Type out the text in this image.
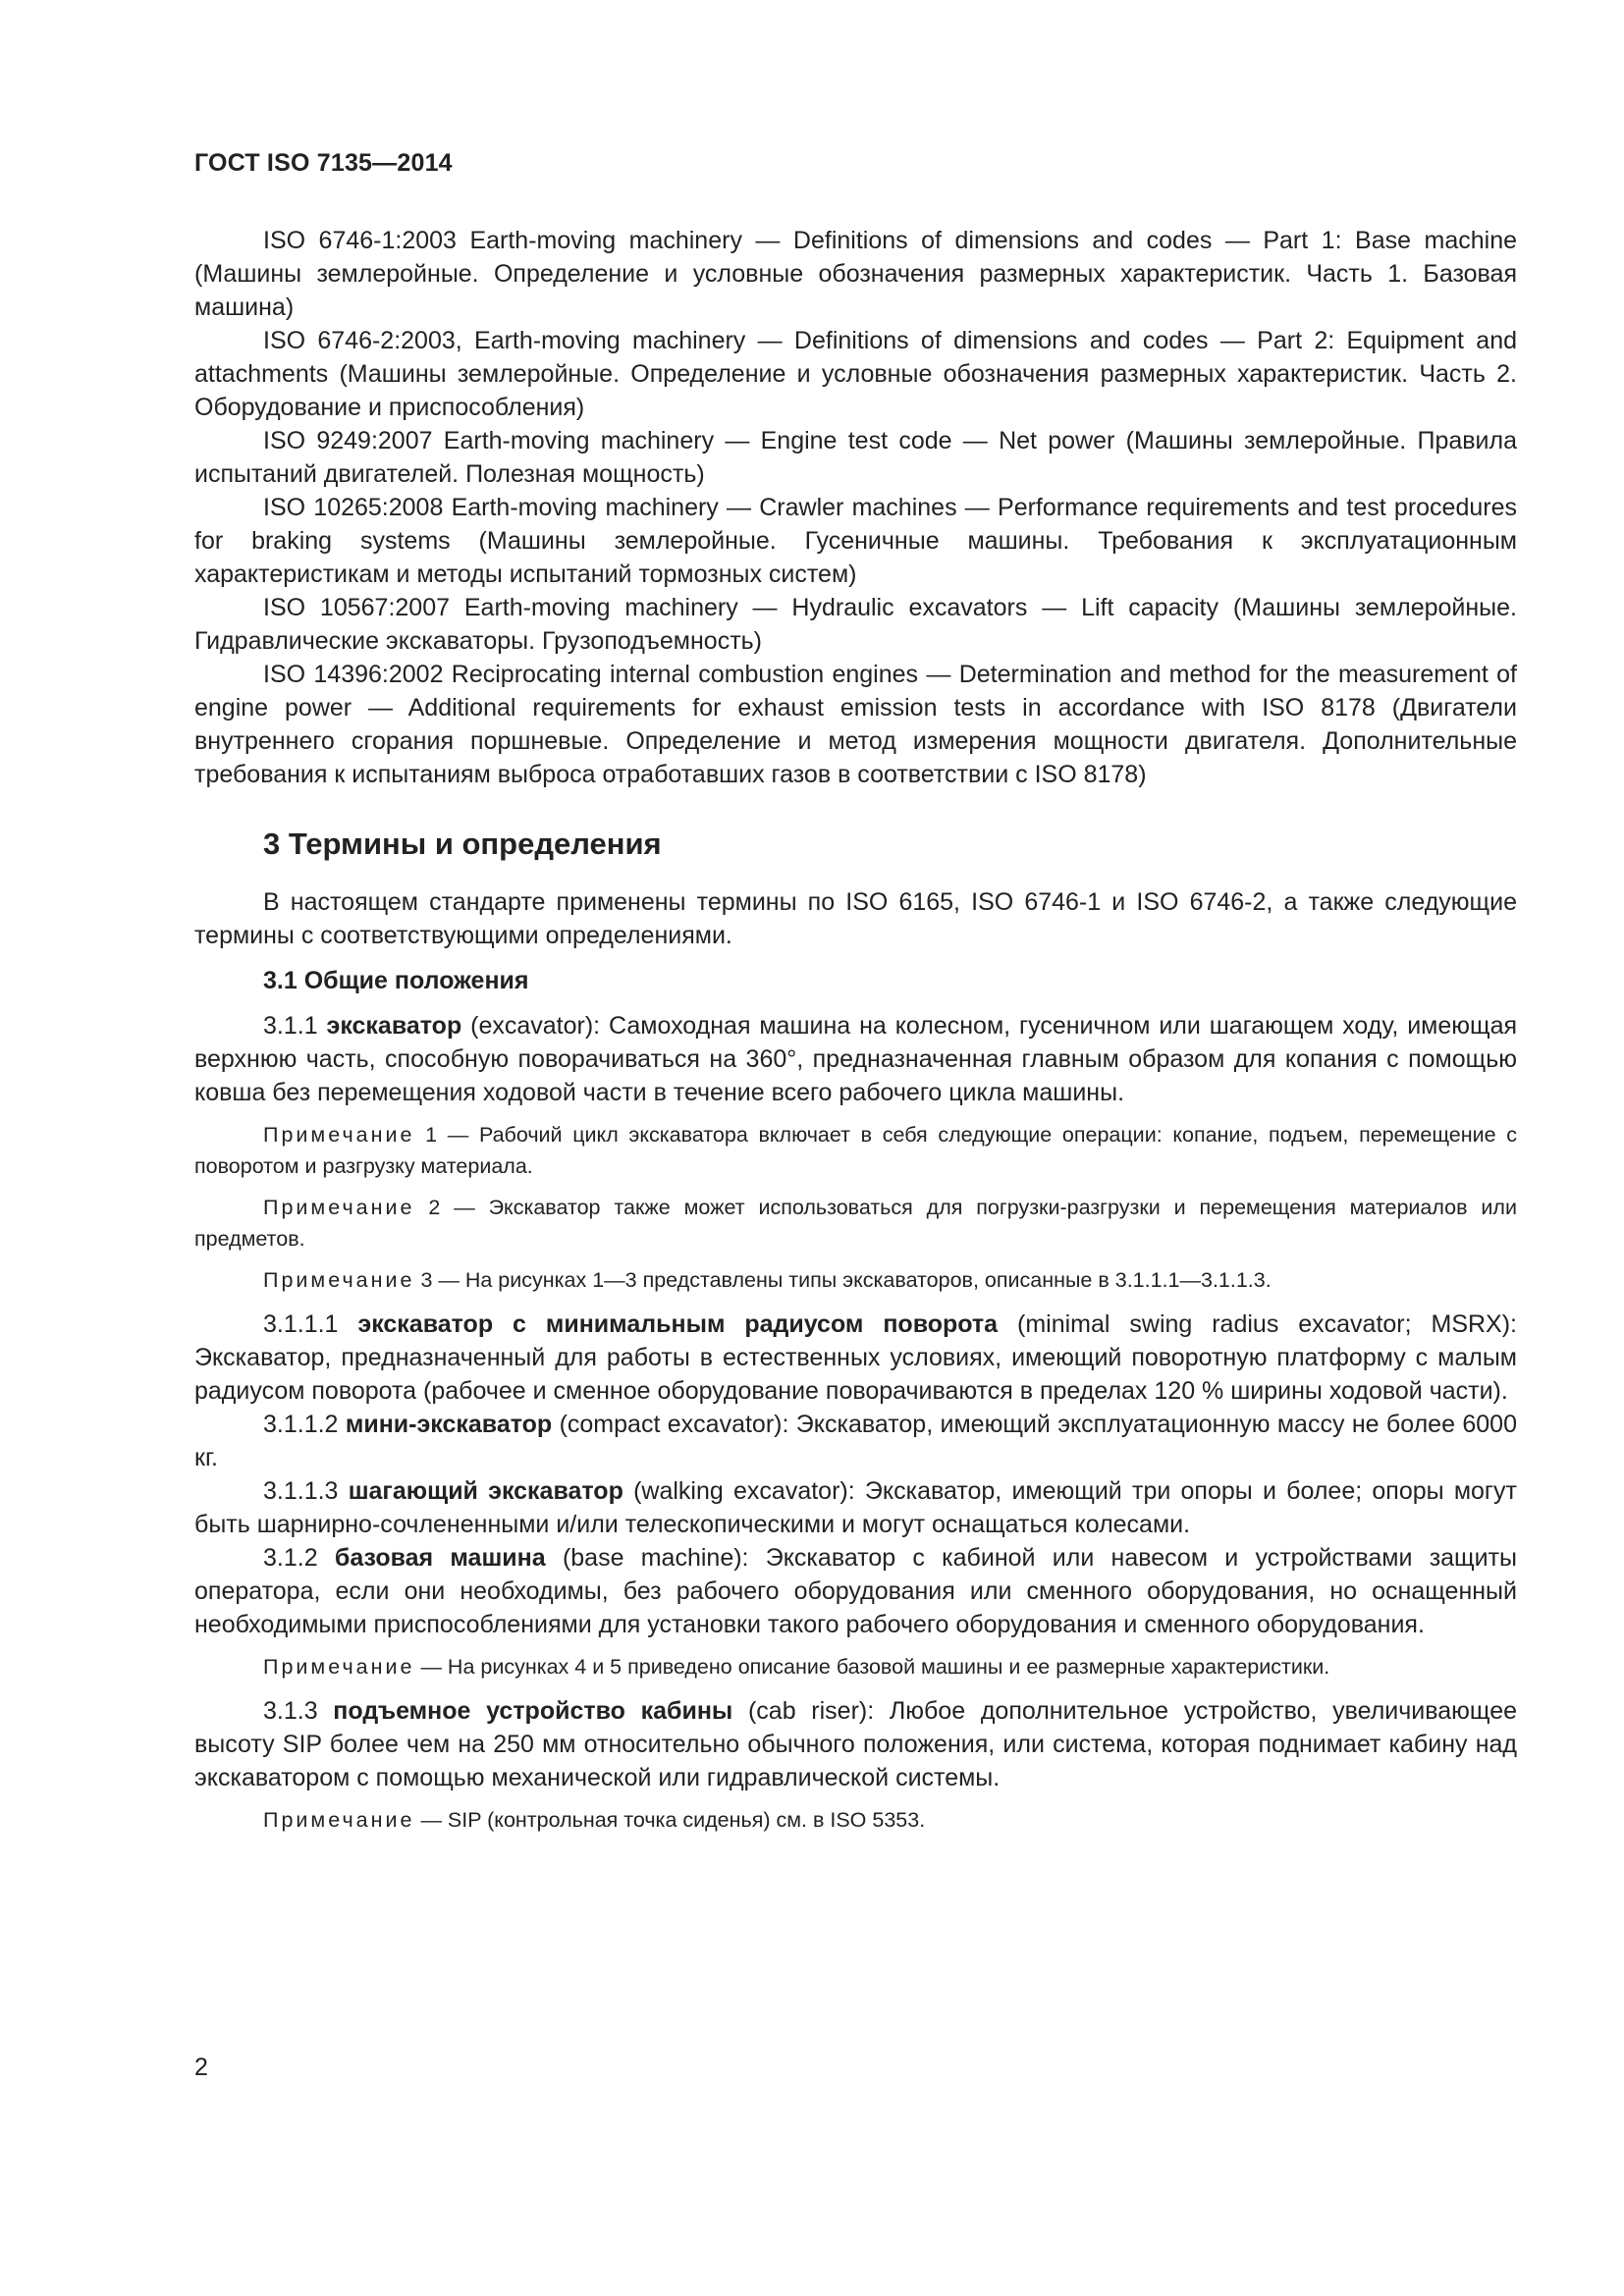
ГОСТ ISO 7135—2014

ISO 6746-1:2003 Earth-moving machinery — Definitions of dimensions and codes — Part 1: Base machine (Машины землеройные. Определение и условные обозначения размерных характеристик. Часть 1. Базовая машина)

ISO 6746-2:2003, Earth-moving machinery — Definitions of dimensions and codes — Part 2: Equipment and attachments (Машины землеройные. Определение и условные обозначения размерных характеристик. Часть 2. Оборудование и приспособления)

ISO 9249:2007 Earth-moving machinery — Engine test code — Net power (Машины землеройные. Правила испытаний двигателей. Полезная мощность)

ISO 10265:2008 Earth-moving machinery — Crawler machines — Performance requirements and test procedures for braking systems (Машины землеройные. Гусеничные машины. Требования к эксплуатационным характеристикам и методы испытаний тормозных систем)

ISO 10567:2007 Earth-moving machinery — Hydraulic excavators — Lift capacity (Машины землеройные. Гидравлические экскаваторы. Грузоподъемность)

ISO 14396:2002 Reciprocating internal combustion engines — Determination and method for the measurement of engine power — Additional requirements for exhaust emission tests in accordance with ISO 8178 (Двигатели внутреннего сгорания поршневые. Определение и метод измерения мощности двигателя. Дополнительные требования к испытаниям выброса отработавших газов в соответствии с ISO 8178)

3 Термины и определения

В настоящем стандарте применены термины по ISO 6165, ISO 6746-1 и ISO 6746-2, а также следующие термины с соответствующими определениями.

3.1 Общие положения

3.1.1 экскаватор (excavator): Самоходная машина на колесном, гусеничном или шагающем ходу, имеющая верхнюю часть, способную поворачиваться на 360°, предназначенная главным образом для копания с помощью ковша без перемещения ходовой части в течение всего рабочего цикла машины.

Примечание 1 — Рабочий цикл экскаватора включает в себя следующие операции: копание, подъем, перемещение с поворотом и разгрузку материала.

Примечание 2 — Экскаватор также может использоваться для погрузки-разгрузки и перемещения материалов или предметов.

Примечание 3 — На рисунках 1—3 представлены типы экскаваторов, описанные в 3.1.1.1—3.1.1.3.

3.1.1.1 экскаватор с минимальным радиусом поворота (minimal swing radius excavator; MSRX): Экскаватор, предназначенный для работы в естественных условиях, имеющий поворотную платформу с малым радиусом поворота (рабочее и сменное оборудование поворачиваются в пределах 120 % ширины ходовой части).

3.1.1.2 мини-экскаватор (compact excavator): Экскаватор, имеющий эксплуатационную массу не более 6000 кг.

3.1.1.3 шагающий экскаватор (walking excavator): Экскаватор, имеющий три опоры и более; опоры могут быть шарнирно-сочлененными и/или телескопическими и могут оснащаться колесами.

3.1.2 базовая машина (base machine): Экскаватор с кабиной или навесом и устройствами защиты оператора, если они необходимы, без рабочего оборудования или сменного оборудования, но оснащенный необходимыми приспособлениями для установки такого рабочего оборудования и сменного оборудования.

Примечание — На рисунках 4 и 5 приведено описание базовой машины и ее размерные характеристики.

3.1.3 подъемное устройство кабины (cab riser): Любое дополнительное устройство, увеличивающее высоту SIP более чем на 250 мм относительно обычного положения, или система, которая поднимает кабину над экскаватором с помощью механической или гидравлической системы.

Примечание — SIP (контрольная точка сиденья) см. в ISO 5353.

2
